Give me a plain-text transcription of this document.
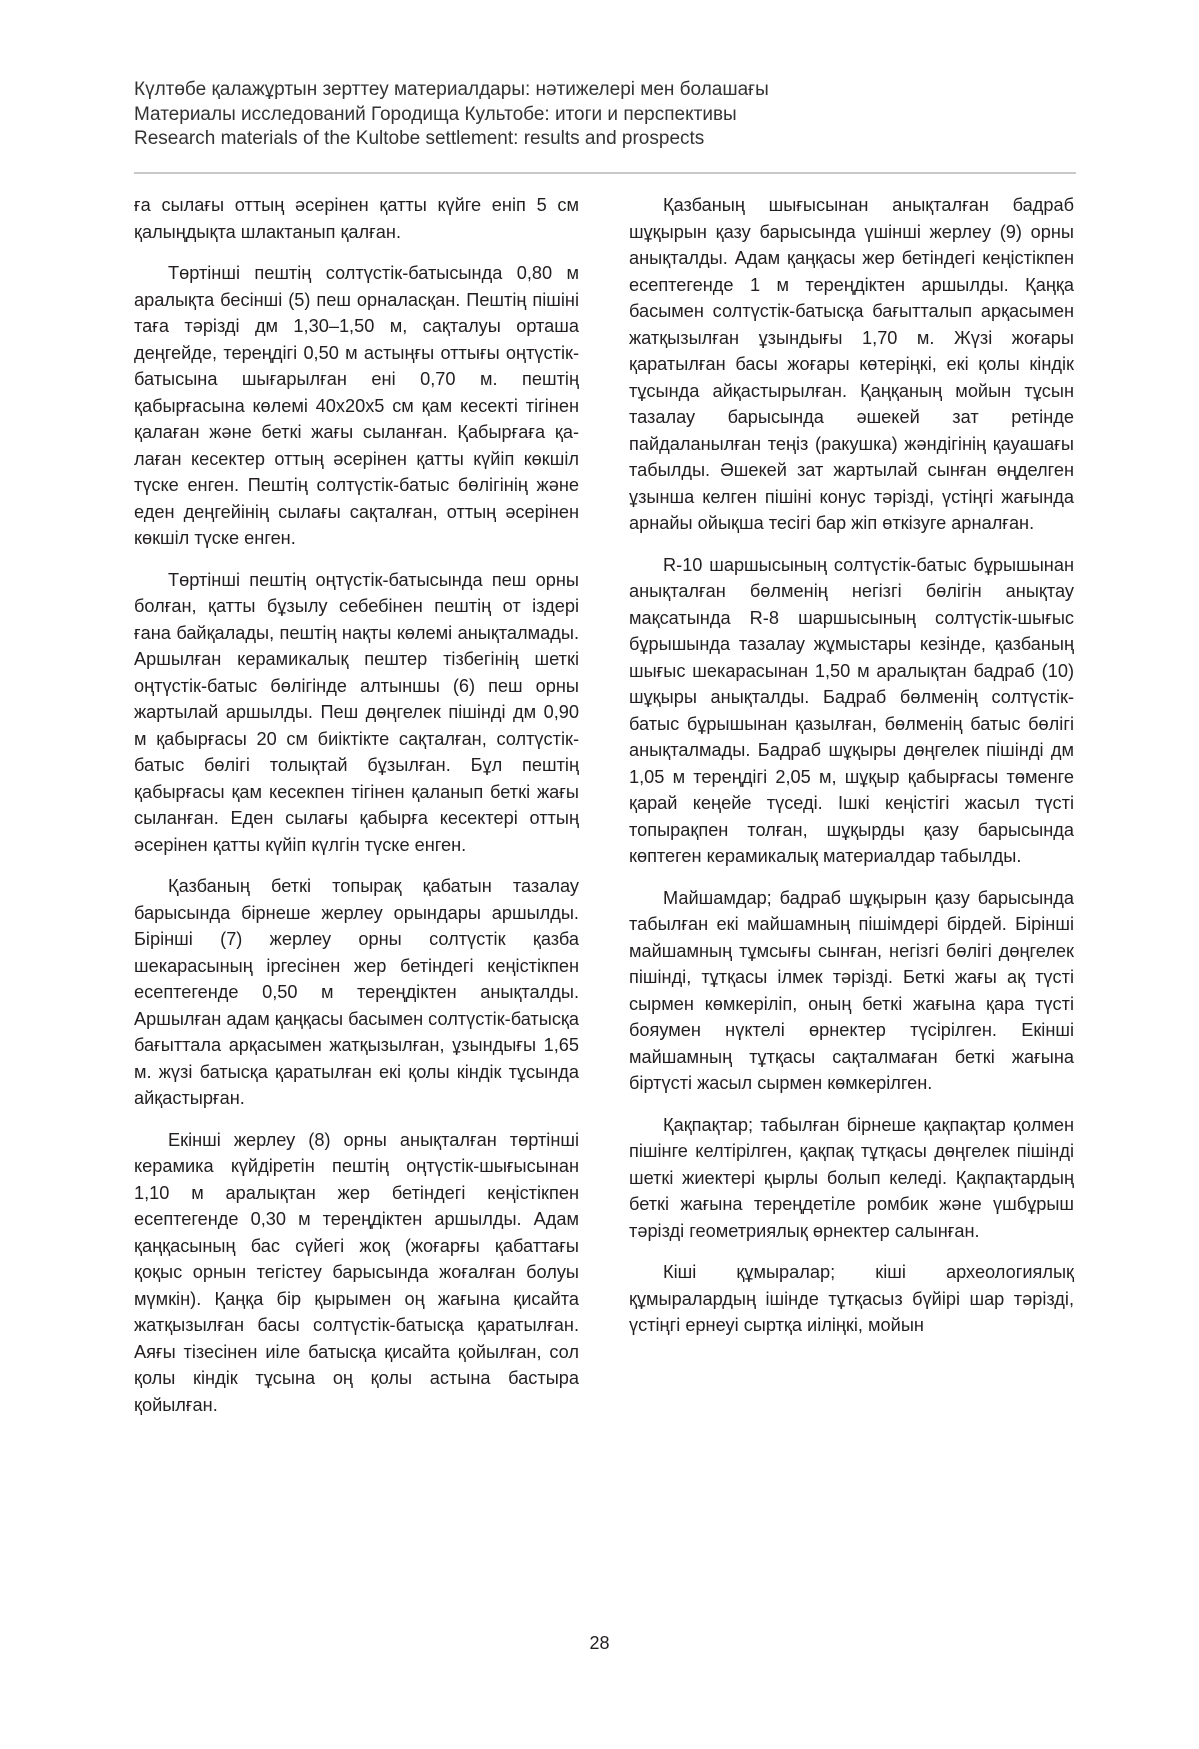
Күлтөбе қалажұртын зерттеу материалдары: нәтижелері мен болашағы
Материалы исследований Городища Культобе: итоги и перспективы
Research materials of the Kultobe settlement: results and prospects

ға сылағы оттың әсерінен қатты күйге еніп 5 см қалыңдықта шлактанып қалған.

Төртінші пештің солтүстік-батысында 0,80 м аралықта бесінші (5) пеш орналасқан. Пештің пішіні таға тәрізді дм 1,30–1,50 м, сақталуы орташа деңгейде, тереңдігі 0,50 м астыңғы оттығы оңтүстік-батысына шығарылған ені 0,70 м. пештің қабырғасына көлемі 40х20х5 см қам кесекті тігінен қалаған және беткі жағы сыланған. Қабырғаға қалаған кесектер оттың әсерінен қатты күйіп көкшіл түске енген. Пештің солтүстік-батыс бөлігінің және еден деңгейінің сылағы сақталған, оттың әсерінен көкшіл түске енген.

Төртінші пештің оңтүстік-батысында пеш орны болған, қатты бұзылу себебінен пештің от іздері ғана байқалады, пештің нақты көлемі анықталмады. Аршылған керамикалық пештер тізбегінің шеткі оңтүстік-батыс бөлігінде алтыншы (6) пеш орны жартылай аршылды. Пеш дөңгелек пішінді дм 0,90 м қабырғасы 20 см биіктікте сақталған, солтүстік-батыс бөлігі толықтай бұзылған. Бұл пештің қабырғасы қам кесекпен тігінен қаланып беткі жағы сыланған. Еден сылағы қабырға кесектері оттың әсерінен қатты күйіп күлгін түске енген.

Қазбаның беткі топырақ қабатын тазалау барысында бірнеше жерлеу орындары аршылды. Бірінші (7) жерлеу орны солтүстік қазба шекарасының іргесінен жер бетіндегі кеңістікпен есептегенде 0,50 м тереңдіктен анықталды. Аршылған адам қаңқасы басымен солтүстік-батысқа бағыттала арқасымен жатқызылған, ұзындығы 1,65 м. жүзі батысқа қаратылған екі қолы кіндік тұсында айқастырған.

Екінші жерлеу (8) орны анықталған төртінші керамика күйдіретін пештің оңтүстік-шығысынан 1,10 м аралықтан жер бетіндегі кеңістікпен есептегенде 0,30 м тереңдіктен аршылды. Адам қаңқасының бас сүйегі жоқ (жоғарғы қабаттағы қоқыс орнын тегістеу барысында жоғалған болуы мүмкін). Қаңқа бір қырымен оң жағына қисайта жатқызылған басы солтүстік-батысқа қаратылған. Аяғы тізесінен иіле батысқа қисайта қойылған, сол қолы кіндік тұсына оң қолы астына бастыра қойылған.

Қазбаның шығысынан анықталған бадраб шұқырын қазу барысында үшінші жерлеу (9) орны анықталды. Адам қаңқасы жер бетіндегі кеңістікпен есептегенде 1 м тереңдіктен аршылды. Қаңқа басымен солтүстік-батысқа бағытталып арқасымен жатқызылған ұзындығы 1,70 м. Жүзі жоғары қаратылған басы жоғары көтеріңкі, екі қолы кіндік тұсында айқастырылған. Қаңқаның мойын тұсын тазалау барысында әшекей зат ретінде пайдаланылған теңіз (ракушка) жәндігінің қауашағы табылды. Әшекей зат жартылай сынған өңделген ұзынша келген пішіні конус тәрізді, үстіңгі жағында арнайы ойықша тесігі бар жіп өткізуге арналған.

R-10 шаршысының солтүстік-батыс бұрышынан анықталған бөлменің негізгі бөлігін анықтау мақсатында R-8 шаршысының солтүстік-шығыс бұрышында тазалау жұмыстары кезінде, қазбаның шығыс шекарасынан 1,50 м аралықтан бадраб (10) шұқыры анықталды. Бадраб бөлменің солтүстік-батыс бұрышынан қазылған, бөлменің батыс бөлігі анықталмады. Бадраб шұқыры дөңгелек пішінді дм 1,05 м тереңдігі 2,05 м, шұқыр қабырғасы төменге қарай кеңейе түседі. Ішкі кеңістігі жасыл түсті топырақпен толған, шұқырды қазу барысында көптеген керамикалық материалдар табылды.

Майшамдар; бадраб шұқырын қазу барысында табылған екі майшамның пішімдері бірдей. Бірінші майшамның тұмсығы сынған, негізгі бөлігі дөңгелек пішінді, тұтқасы ілмек тәрізді. Беткі жағы ақ түсті сырмен көмкеріліп, оның беткі жағына қара түсті бояумен нүктелі өрнектер түсірілген. Екінші майшамның тұтқасы сақталмаған беткі жағына біртүсті жасыл сырмен көмкерілген.

Қақпақтар; табылған бірнеше қақпақтар қолмен пішінге келтірілген, қақпақ тұтқасы дөңгелек пішінді шеткі жиектері қырлы болып келеді. Қақпақтардың беткі жағына тереңдетіле ромбик және үшбұрыш тәрізді геометриялық өрнектер салынған.

Кіші құмыралар; кіші археологиялық құмыралардың ішінде тұтқасыз бүйірі шар тәрізді, үстіңгі ернеуі сыртқа иіліңкі, мойын

28
